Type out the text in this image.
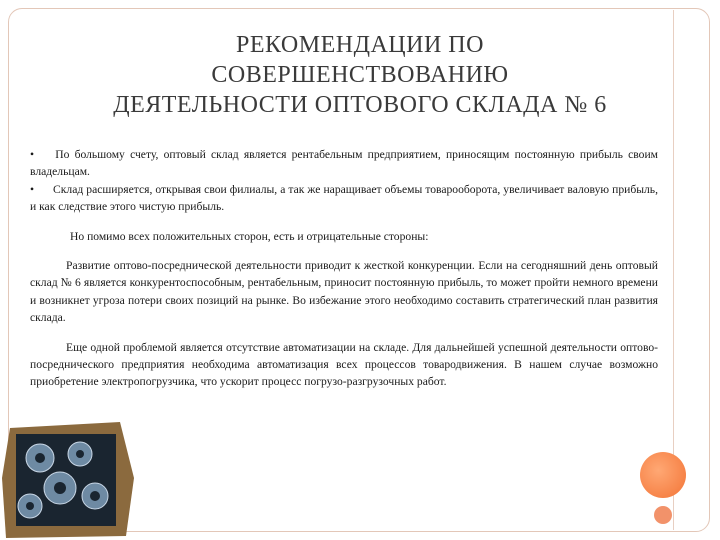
РЕКОМЕНДАЦИИ ПО
СОВЕРШЕНСТВОВАНИЮ
ДЕЯТЕЛЬНОСТИ ОПТОВОГО СКЛАДА № 6

• По большому счету, оптовый склад является рентабельным предприятием, приносящим постоянную прибыль своим владельцам.

• Склад расширяется, открывая свои филиалы, а так же наращивает объемы товарооборота, увеличивает валовую прибыль, и как следствие этого чистую прибыль.

Но помимо всех положительных сторон, есть и отрицательные стороны:

Развитие оптово-посреднической деятельности приводит к жесткой конкуренции. Если на сегодняшний день оптовый склад № 6 является конкурентоспособным, рентабельным, приносит постоянную прибыль, то может пройти немного времени и возникнет угроза потери своих позиций на рынке. Во избежание этого необходимо составить стратегический план развития склада.

Еще одной проблемой является отсутствие автоматизации на складе. Для дальнейшей успешной деятельности оптово-посреднического предприятия необходима автоматизация всех процессов товародвижения. В нашем случае возможно приобретение электропогрузчика, что ускорит процесс погрузо-разгрузочных работ.
